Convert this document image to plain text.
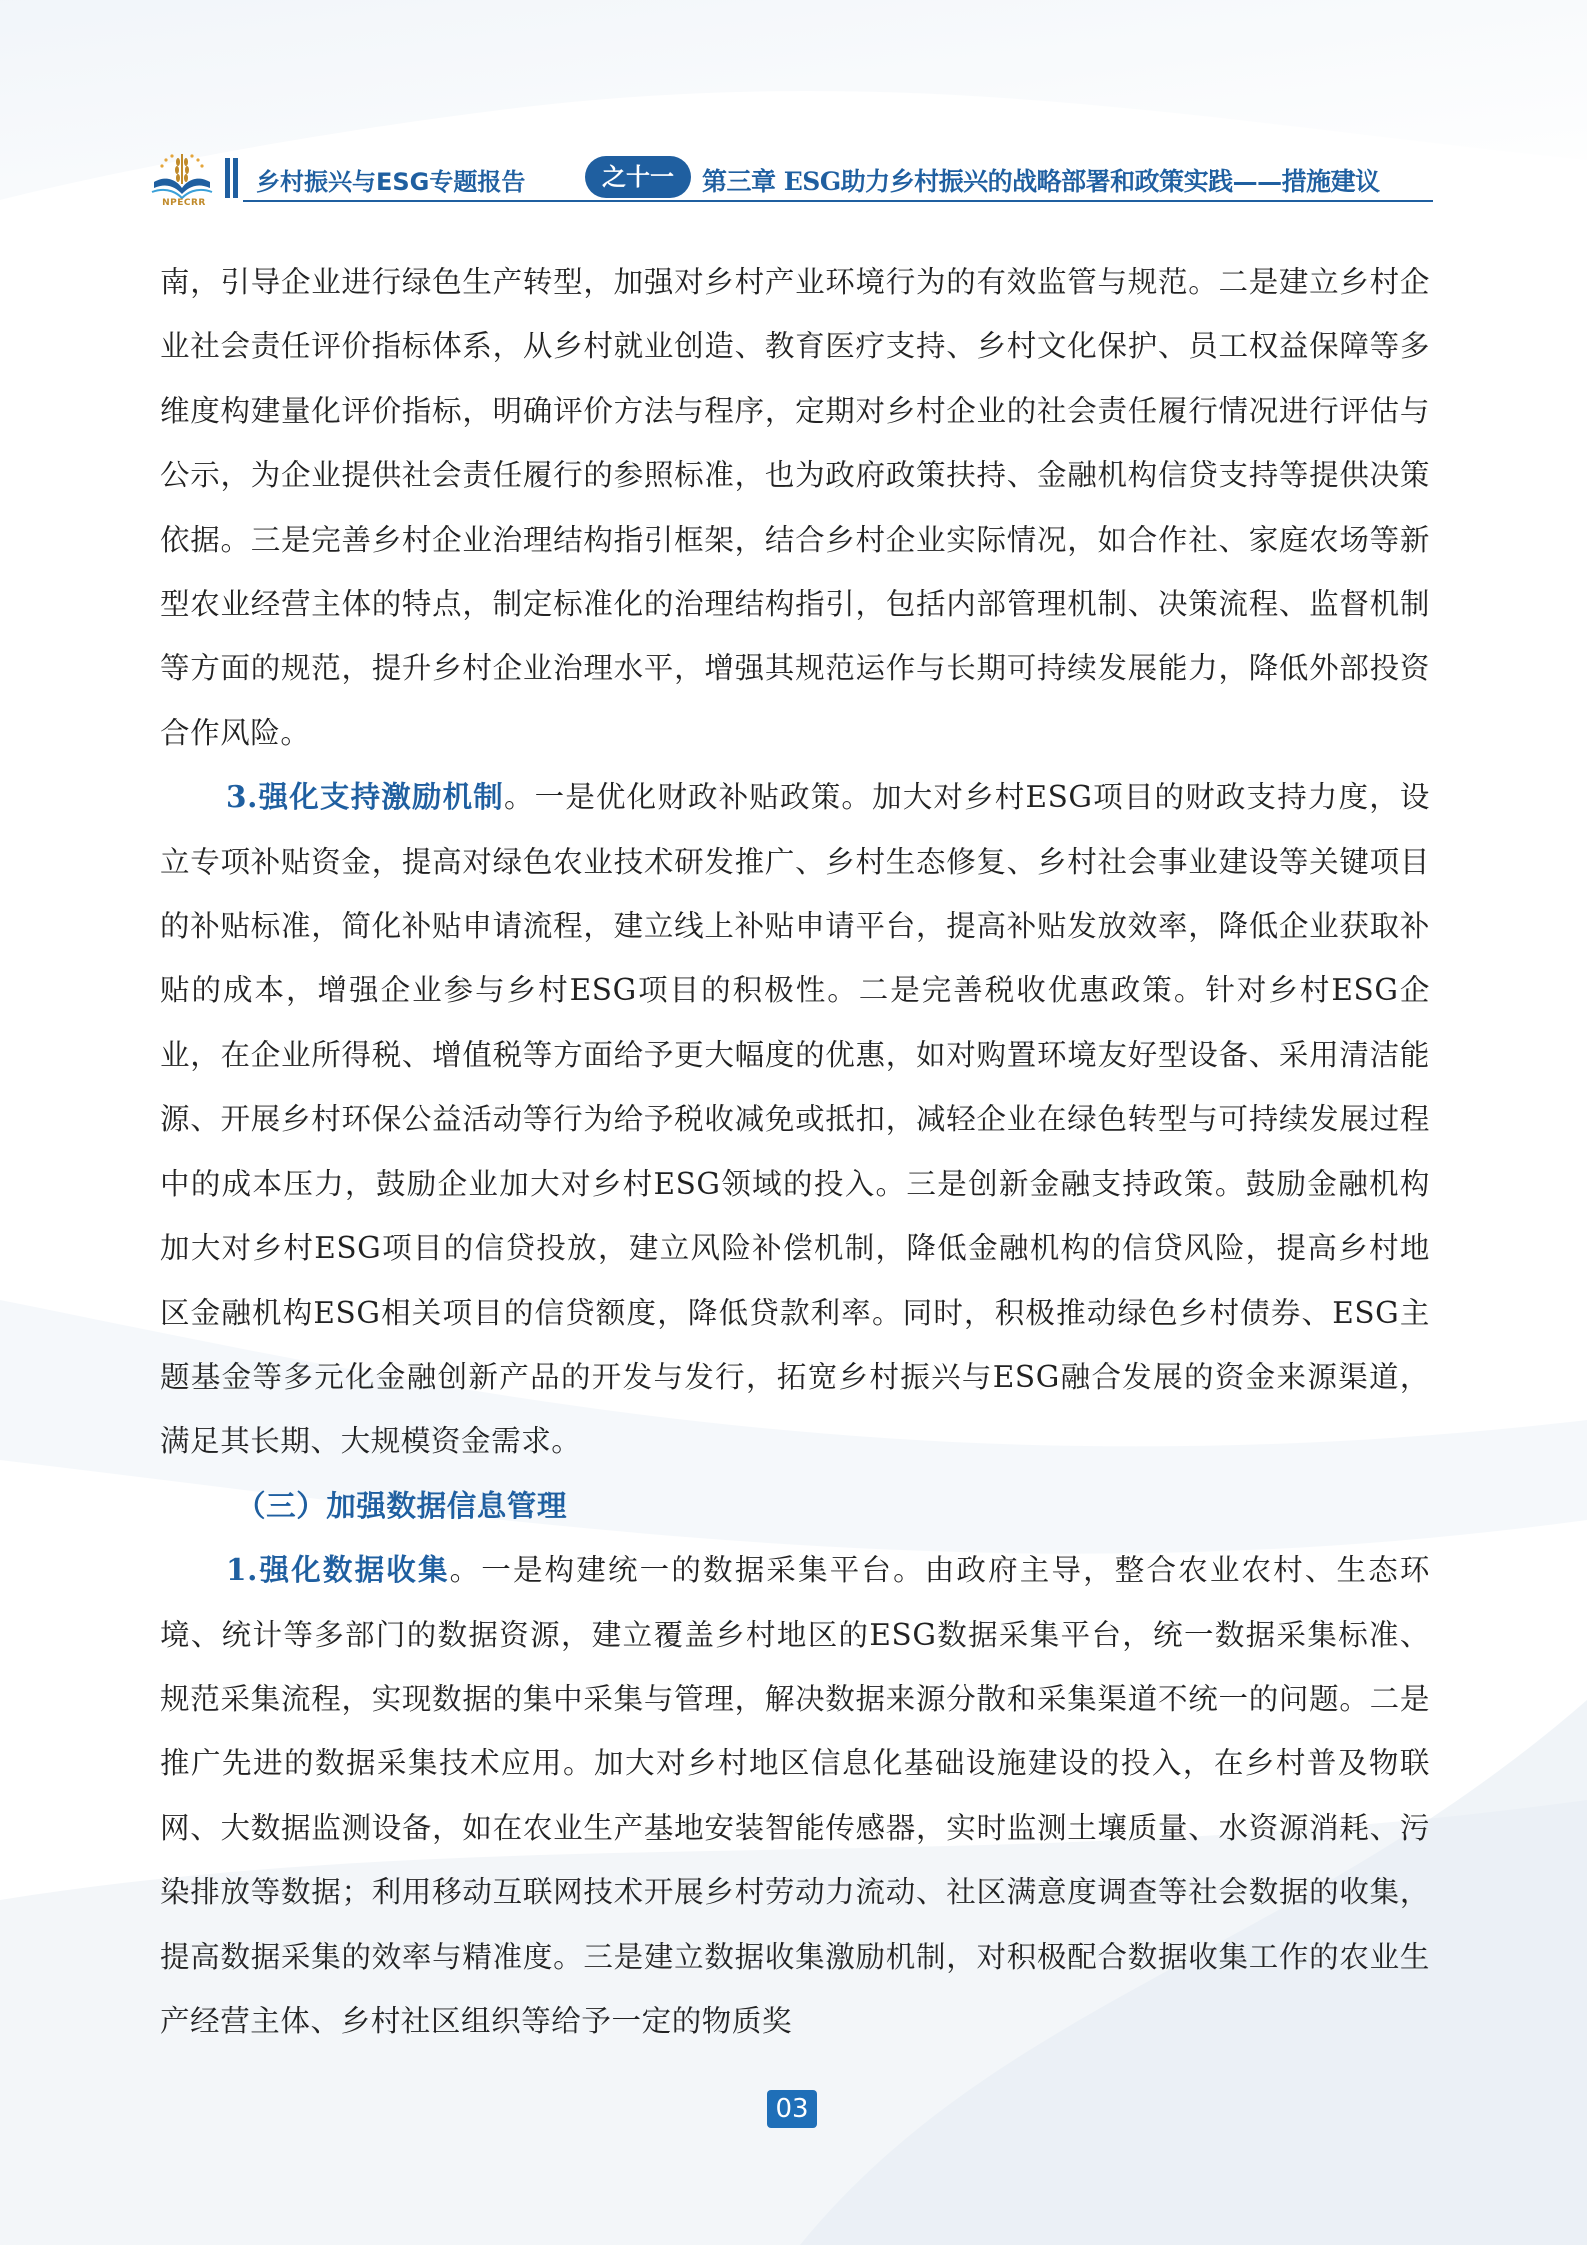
NPECRR
乡村振兴与ESG专题报告	之十一	第三章 ESG助力乡村振兴的战略部署和政策实践——措施建议

南，引导企业进行绿色生产转型，加强对乡村产业环境行为的有效监管与规范。二是建立乡村企业社会责任评价指标体系，从乡村就业创造、教育医疗支持、乡村文化保护、员工权益保障等多维度构建量化评价指标，明确评价方法与程序，定期对乡村企业的社会责任履行情况进行评估与公示，为企业提供社会责任履行的参照标准，也为政府政策扶持、金融机构信贷支持等提供决策依据。三是完善乡村企业治理结构指引框架，结合乡村企业实际情况，如合作社、家庭农场等新型农业经营主体的特点，制定标准化的治理结构指引，包括内部管理机制、决策流程、监督机制等方面的规范，提升乡村企业治理水平，增强其规范运作与长期可持续发展能力，降低外部投资合作风险。

3.强化支持激励机制。一是优化财政补贴政策。加大对乡村ESG项目的财政支持力度，设立专项补贴资金，提高对绿色农业技术研发推广、乡村生态修复、乡村社会事业建设等关键项目的补贴标准，简化补贴申请流程，建立线上补贴申请平台，提高补贴发放效率，降低企业获取补贴的成本，增强企业参与乡村ESG项目的积极性。二是完善税收优惠政策。针对乡村ESG企业，在企业所得税、增值税等方面给予更大幅度的优惠，如对购置环境友好型设备、采用清洁能源、开展乡村环保公益活动等行为给予税收减免或抵扣，减轻企业在绿色转型与可持续发展过程中的成本压力，鼓励企业加大对乡村ESG领域的投入。三是创新金融支持政策。鼓励金融机构加大对乡村ESG项目的信贷投放，建立风险补偿机制，降低金融机构的信贷风险，提高乡村地区金融机构ESG相关项目的信贷额度，降低贷款利率。同时，积极推动绿色乡村债券、ESG主题基金等多元化金融创新产品的开发与发行，拓宽乡村振兴与ESG融合发展的资金来源渠道，满足其长期、大规模资金需求。

（三）加强数据信息管理

1.强化数据收集。一是构建统一的数据采集平台。由政府主导，整合农业农村、生态环境、统计等多部门的数据资源，建立覆盖乡村地区的ESG数据采集平台，统一数据采集标准、规范采集流程，实现数据的集中采集与管理，解决数据来源分散和采集渠道不统一的问题。二是推广先进的数据采集技术应用。加大对乡村地区信息化基础设施建设的投入，在乡村普及物联网、大数据监测设备，如在农业生产基地安装智能传感器，实时监测土壤质量、水资源消耗、污染排放等数据；利用移动互联网技术开展乡村劳动力流动、社区满意度调查等社会数据的收集，提高数据采集的效率与精准度。三是建立数据收集激励机制，对积极配合数据收集工作的农业生产经营主体、乡村社区组织等给予一定的物质奖

03
